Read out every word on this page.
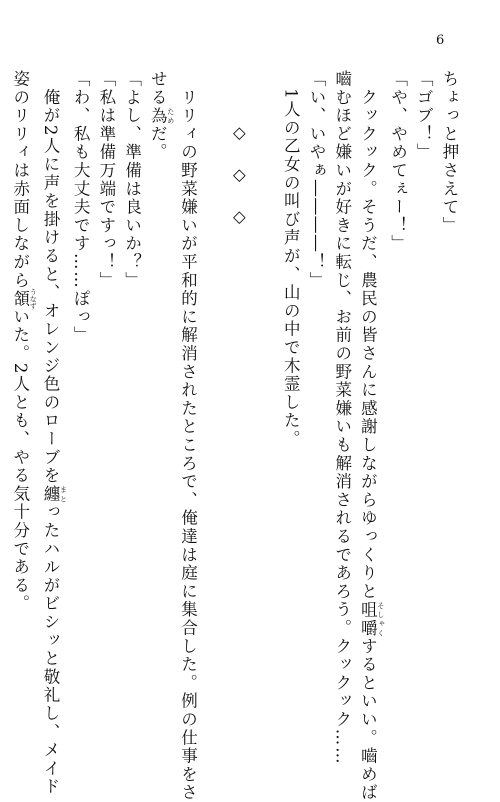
6
ちょっと押さえて」
「ゴブ！」
「や、やめてぇー！」
　クックック。そうだ、農民の皆さんに感謝しながらゆっくりと咀嚼 そしゃくするといい。嚙めば
嚙むほど嫌いが好きに転じ、お前の野菜嫌いも解消されるであろう。クックック……
「い、いやぁ――――！」
　1人の乙女の叫び声が、山の中で木霊した。

◇◇◇

　リリィの野菜嫌いが平和的に解消されたところで、俺達は庭に集合した。例の仕事をさ
せる為 ためだ。
「よし、準備は良いか？」
「私は準備万端ですっ！」
「わ、私も大丈夫です……ぽっ」
　俺が2人に声を掛けると、オレンジ色のローブを纏 まとったハルがビシッと敬礼し、メイド
姿のリリィは赤面しながら頷 うなずいた。2人とも、やる気十分である。
